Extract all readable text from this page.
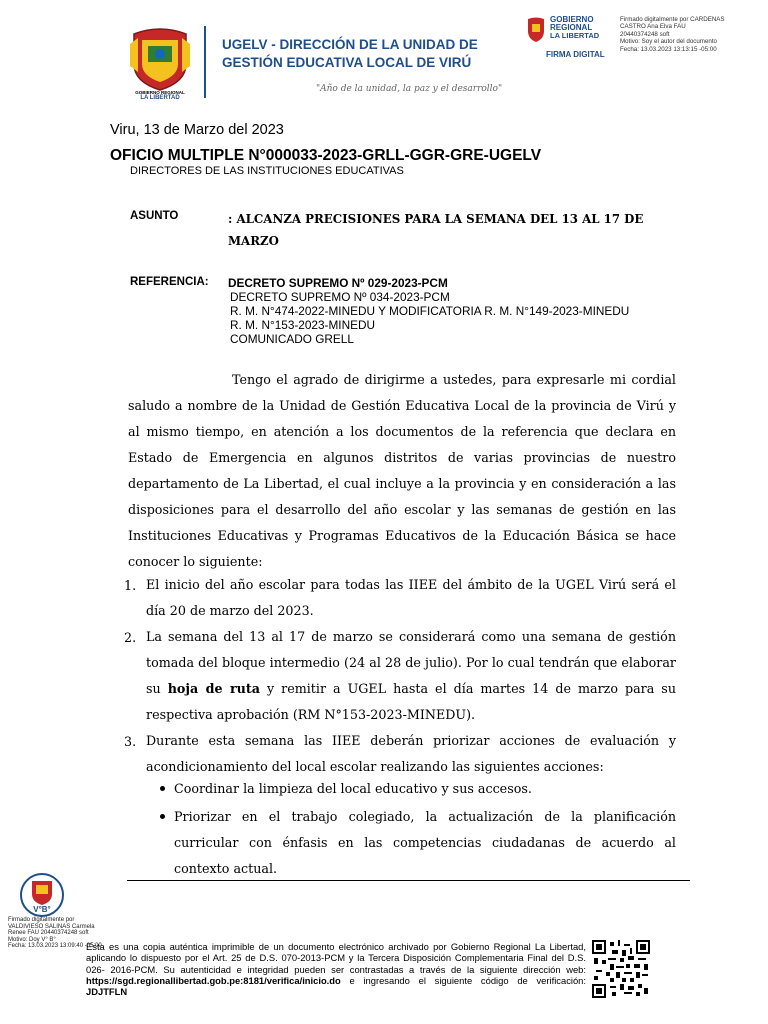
GOBIERNO REGIONAL
LA LIBERTAD
UGELV - DIRECCIÓN DE LA UNIDAD DE
GESTIÓN EDUCATIVA LOCAL DE VIRÚ
"Año de la unidad, la paz y el desarrollo"
GOBIERNO
REGIONAL
LA LIBERTAD
FIRMA DIGITAL
Firmado digitalmente por CARDENAS
CASTRO Ana Elva FAU
20440374248 soft
Motivo: Soy el autor del documento
Fecha: 13.03.2023 13:13:15 -05:00
Viru, 13 de Marzo del 2023
OFICIO MULTIPLE N°000033-2023-GRLL-GGR-GRE-UGELV
DIRECTORES DE LAS INSTITUCIONES EDUCATIVAS
ASUNTO	: ALCANZA PRECISIONES PARA LA SEMANA DEL 13 AL 17 DE MARZO
REFERENCIA: DECRETO SUPREMO Nº 029-2023-PCM
DECRETO SUPREMO Nº 034-2023-PCM
R. M. N°474-2022-MINEDU Y MODIFICATORIA R. M. N°149-2023-MINEDU
R. M. N°153-2023-MINEDU
COMUNICADO GRELL
Tengo el agrado de dirigirme a ustedes, para expresarle mi cordial saludo a nombre de la Unidad de Gestión Educativa Local de la provincia de Virú y al mismo tiempo, en atención a los documentos de la referencia que declara en Estado de Emergencia en algunos distritos de varias provincias de nuestro departamento de La Libertad, el cual incluye a la provincia y en consideración a las disposiciones para el desarrollo del año escolar y las semanas de gestión en las Instituciones Educativas y Programas Educativos de la Educación Básica se hace conocer lo siguiente:
1. El inicio del año escolar para todas las IIEE del ámbito de la UGEL Virú será el día 20 de marzo del 2023.
2. La semana del 13 al 17 de marzo se considerará como una semana de gestión tomada del bloque intermedio (24 al 28 de julio). Por lo cual tendrán que elaborar su hoja de ruta y remitir a UGEL hasta el día martes 14 de marzo para su respectiva aprobación (RM N°153-2023-MINEDU).
3. Durante esta semana las IIEE deberán priorizar acciones de evaluación y acondicionamiento del local escolar realizando las siguientes acciones:
Coordinar la limpieza del local educativo y sus accesos.
Priorizar en el trabajo colegiado, la actualización de la planificación curricular con énfasis en las competencias ciudadanas de acuerdo al contexto actual.
V°B°
Firmado digitalmente por
VALDIVIESO SALINAS Carmela
Renee FAU 20440374248 soft
Motivo: Doy V° B°
Fecha: 13.03.2023 13:09:40 -05:00
Esta es una copia auténtica imprimible de un documento electrónico archivado por Gobierno Regional La Libertad, aplicando lo dispuesto por el Art. 25 de D.S. 070-2013-PCM y la Tercera Disposición Complementaria Final del D.S. 026- 2016-PCM. Su autenticidad e integridad pueden ser contrastadas a través de la siguiente dirección web: https://sgd.regionallibertad.gob.pe:8181/verifica/inicio.do e ingresando el siguiente código de verificación: JDJTFLN
